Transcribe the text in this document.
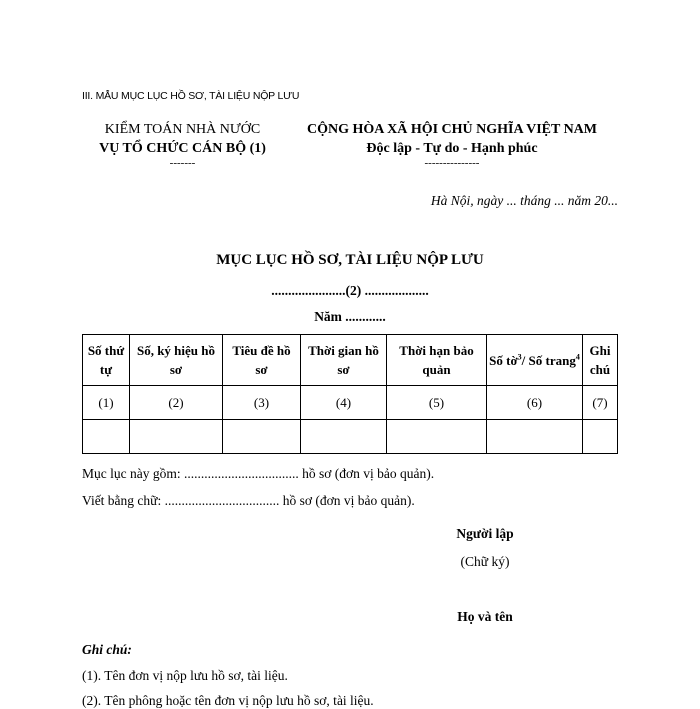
III. MẪU MỤC LỤC HỒ SƠ, TÀI LIỆU NỘP LƯU
KIỂM TOÁN NHÀ NƯỚC
VỤ TỔ CHỨC CÁN BỘ (1)
-------
CỘNG HÒA XÃ HỘI CHỦ NGHĨA VIỆT NAM
Độc lập - Tự do - Hạnh phúc
---------------
Hà Nội, ngày ... tháng ... năm 20...
MỤC LỤC HỒ SƠ, TÀI LIỆU NỘP LƯU
......................(2) ...................
Năm ............
Số thứ tự	Số, ký hiệu hồ sơ	Tiêu đề hồ sơ	Thời gian hồ sơ	Thời hạn bảo quản	Số tờ$^3$/ Số trang$^4$	Ghi chú
(1)	(2)	(3)	(4)	(5)	(6)	(7)

Mục lục này gồm: .................................. hồ sơ (đơn vị bảo quản).
Viết bằng chữ: .................................. hồ sơ (đơn vị bảo quản).
Người lập
(Chữ ký)
Họ và tên
Ghi chú:
(1). Tên đơn vị nộp lưu hồ sơ, tài liệu.
(2). Tên phông hoặc tên đơn vị nộp lưu hồ sơ, tài liệu.
